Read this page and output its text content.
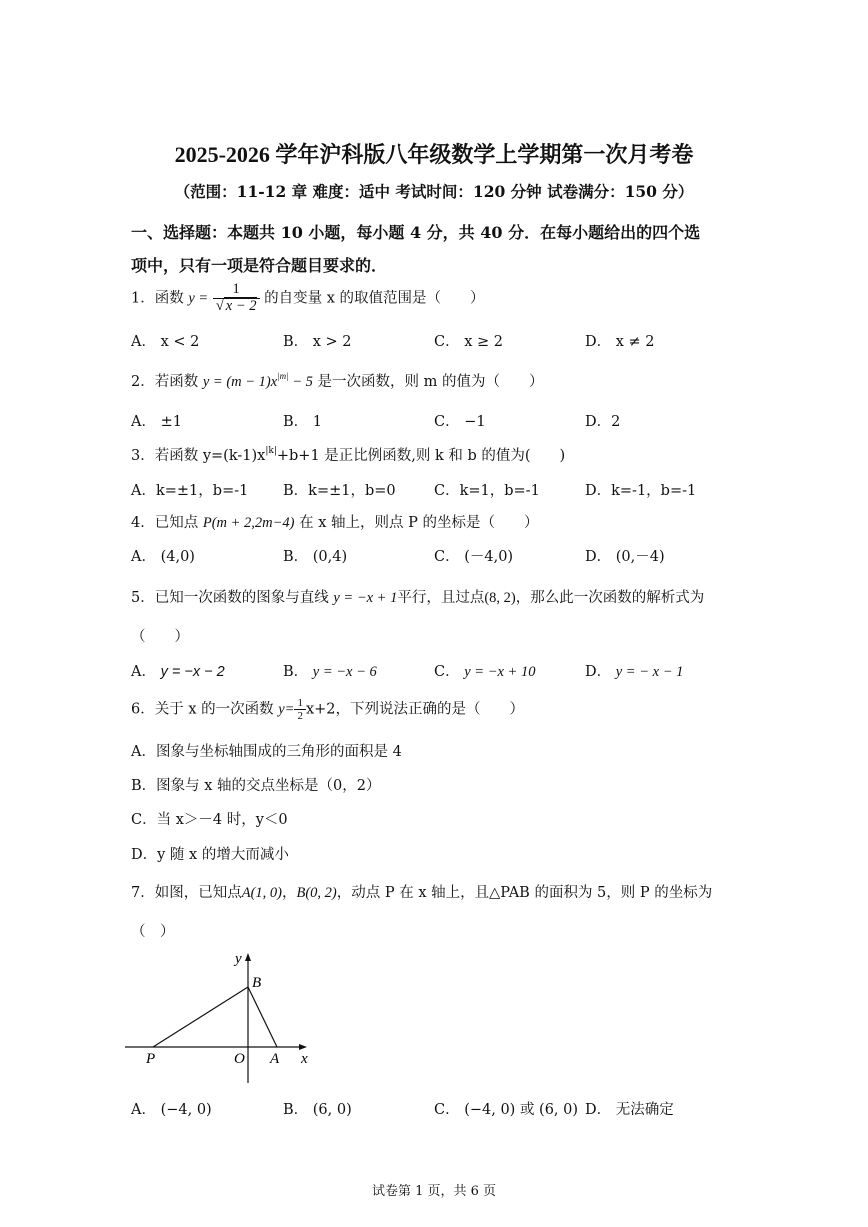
2025-2026 学年沪科版八年级数学上学期第一次月考卷
（范围：11-12 章 难度：适中 考试时间：120 分钟 试卷满分：150 分）
一、选择题：本题共 10 小题，每小题 4 分，共 40 分．在每小题给出的四个选
项中，只有一项是符合题目要求的．
1．函数 $y = \frac{1}{√ x - 2}$ 的自变量 x 的取值范围是（　　）
A． x < 2	B． x > 2	C． x ≥ 2	D． x ≠ 2
2．若函数 $y = (m - 1)x^{|m|} - 5$ 是一次函数，则 m 的值为（　　）
A． ±1	B． 1	C． −1	D．2
3．若函数 $y=(k-1)x^{|k|}+b+1$ 是正比例函数,则 k 和 b 的值为(　　)
A．k=±1，b=-1 B．k=±1，b=0	C．k=1，b=-1	D．k=-1，b=-1
4．已知点 P(m + 2,2m−4) 在 x 轴上，则点 P 的坐标是（　　）
A． (4,0)	B． (0,4)	C． (－4,0)	D． (0,－4)
5．已知一次函数的图象与直线 y = −x + 1平行，且过点(8, 2)，那么此一次函数的解析式为
（　　）
A． y = −x − 2	B． y = −x − 6	C． y = −x + 10	D． y = − x − 1
6．关于 x 的一次函数 $y= \frac{1}{2} x+2$，下列说法正确的是（　　）
A．图象与坐标轴围成的三角形的面积是 4
B．图象与 x 轴的交点坐标是（0，2）
C．当 x＞－4 时，y＜0
D．y 随 x 的增大而减小
7．如图，已知点A(1, 0)，B(0, 2)，动点 P 在 x 轴上，且△PAB 的面积为 5，则 P 的坐标为
（　）
y
B
P	O A x
A． (−4, 0)	B． (6, 0)	C． (−4, 0) 或 (6, 0) D． 无法确定
试卷第 1 页，共 6 页
